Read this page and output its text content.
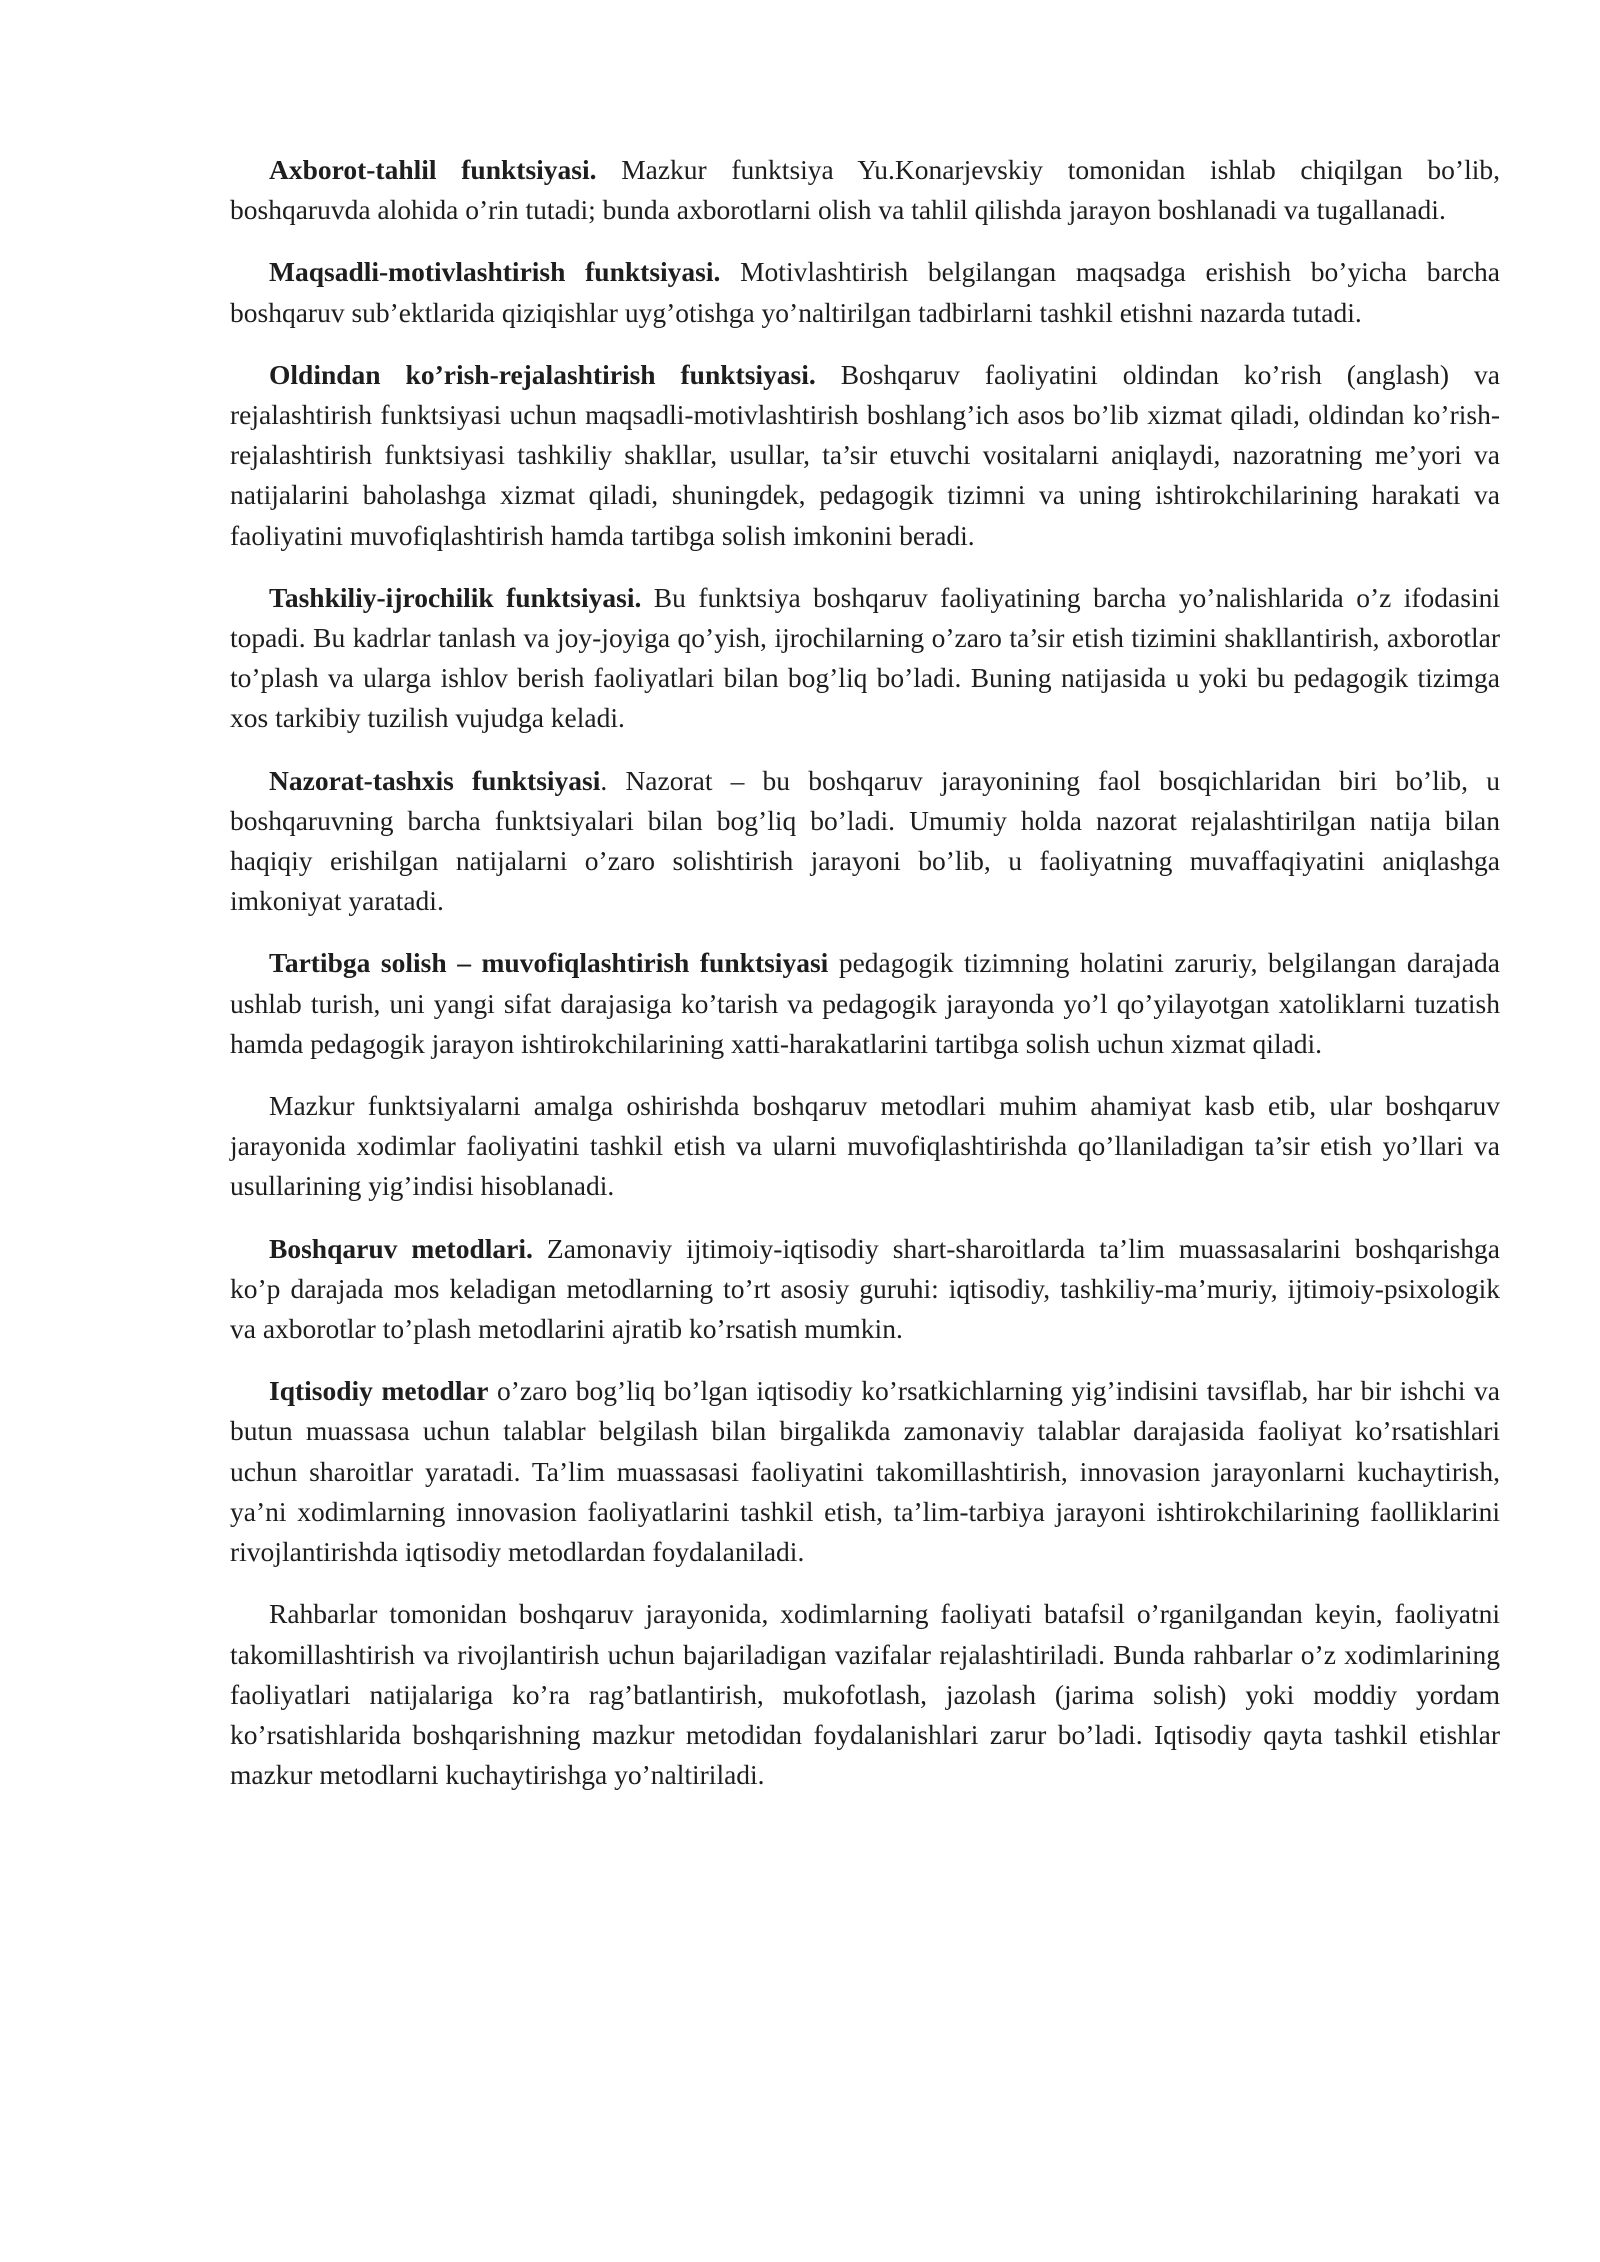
Axborot-tahlil funktsiyasi. Mazkur funktsiya Yu.Konarjevskiy tomonidan ishlab chiqilgan bo’lib, boshqaruvda alohida o’rin tutadi; bunda axborotlarni olish va tahlil qilishda jarayon boshlanadi va tugallanadi.

Maqsadli-motivlashtirish funktsiyasi. Motivlashtirish belgilangan maqsadga erishish bo’yicha barcha boshqaruv sub’ektlarida qiziqishlar uyg’otishga yo’naltirilgan tadbirlarni tashkil etishni nazarda tutadi.

Oldindan ko’rish-rejalashtirish funktsiyasi. Boshqaruv faoliyatini oldindan ko’rish (anglash) va rejalashtirish funktsiyasi uchun maqsadli-motivlashtirish boshlang’ich asos bo’lib xizmat qiladi, oldindan ko’rish-rejalashtirish funktsiyasi tashkiliy shakllar, usullar, ta’sir etuvchi vositalarni aniqlaydi, nazoratning me’yori va natijalarini baholashga xizmat qiladi, shuningdek, pedagogik tizimni va uning ishtirokchilarining harakati va faoliyatini muvofiqlashtirish hamda tartibga solish imkonini beradi.

Tashkiliy-ijrochilik funktsiyasi. Bu funktsiya boshqaruv faoliyatining barcha yo’nalishlarida o’z ifodasini topadi. Bu kadrlar tanlash va joy-joyiga qo’yish, ijrochilarning o’zaro ta’sir etish tizimini shakllantirish, axborotlar to’plash va ularga ishlov berish faoliyatlari bilan bog’liq bo’ladi. Buning natijasida u yoki bu pedagogik tizimga xos tarkibiy tuzilish vujudga keladi.

Nazorat-tashxis funktsiyasi. Nazorat – bu boshqaruv jarayonining faol bosqichlaridan biri bo’lib, u boshqaruvning barcha funktsiyalari bilan bog’liq bo’ladi. Umumiy holda nazorat rejalashtirilgan natija bilan haqiqiy erishilgan natijalarni o’zaro solishtirish jarayoni bo’lib, u faoliyatning muvaffaqiyatini aniqlashga imkoniyat yaratadi.

Tartibga solish – muvofiqlashtirish funktsiyasi pedagogik tizimning holatini zaruriy, belgilangan darajada ushlab turish, uni yangi sifat darajasiga ko’tarish va pedagogik jarayonda yo’l qo’yilayotgan xatoliklarni tuzatish hamda pedagogik jarayon ishtirokchilarining xatti-harakatlarini tartibga solish uchun xizmat qiladi.

Mazkur funktsiyalarni amalga oshirishda boshqaruv metodlari muhim ahamiyat kasb etib, ular boshqaruv jarayonida xodimlar faoliyatini tashkil etish va ularni muvofiqlashtirishda qo’llaniladigan ta’sir etish yo’llari va usullarining yig’indisi hisoblanadi.

Boshqaruv metodlari. Zamonaviy ijtimoiy-iqtisodiy shart-sharoitlarda ta’lim muassasalarini boshqarishga ko’p darajada mos keladigan metodlarning to’rt asosiy guruhi: iqtisodiy, tashkiliy-ma’muriy, ijtimoiy-psixologik va axborotlar to’plash metodlarini ajratib ko’rsatish mumkin.

Iqtisodiy metodlar o’zaro bog’liq bo’lgan iqtisodiy ko’rsatkichlarning yig’indisini tavsiflab, har bir ishchi va butun muassasa uchun talablar belgilash bilan birgalikda zamonaviy talablar darajasida faoliyat ko’rsatishlari uchun sharoitlar yaratadi. Ta’lim muassasasi faoliyatini takomillashtirish, innovasion jarayonlarni kuchaytirish, ya’ni xodimlarning innovasion faoliyatlarini tashkil etish, ta’lim-tarbiya jarayoni ishtirokchilarining faolliklarini rivojlantirishda iqtisodiy metodlardan foydalaniladi.

Rahbarlar tomonidan boshqaruv jarayonida, xodimlarning faoliyati batafsil o’rganilgandan keyin, faoliyatni takomillashtirish va rivojlantirish uchun bajariladigan vazifalar rejalashtiriladi. Bunda rahbarlar o’z xodimlarining faoliyatlari natijalariga ko’ra rag’batlantirish, mukofotlash, jazolash (jarima solish) yoki moddiy yordam ko’rsatishlarida boshqarishning mazkur metodidan foydalanishlari zarur bo’ladi. Iqtisodiy qayta tashkil etishlar mazkur metodlarni kuchaytirishga yo’naltiriladi.
